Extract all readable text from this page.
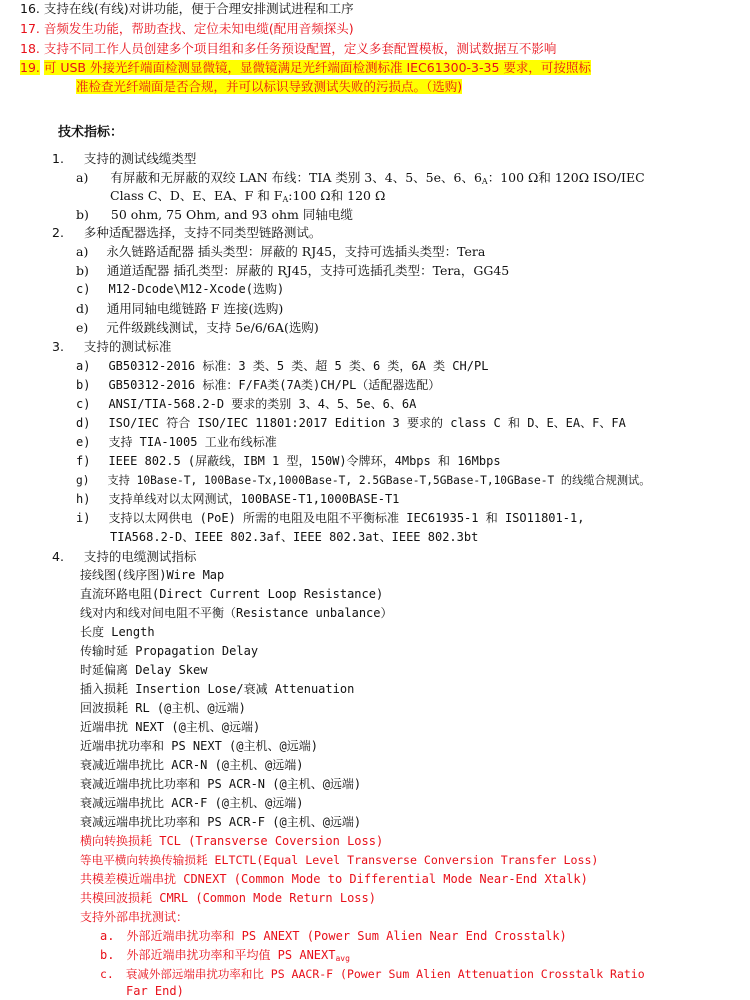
16. 支持在线(有线)对讲功能，便于合理安排测试进程和工序
17. 音频发生功能，帮助查找、定位未知电缆(配用音频探头)
18. 支持不同工作人员创建多个项目组和多任务预设配置，定义多套配置模板，测试数据互不影响
19. 可 USB 外接光纤端面检测显微镜，显微镜满足光纤端面检测标准 IEC61300-3-35 要求，可按照标
准检查光纤端面是否合规，并可以标识导致测试失败的污损点。（选购)
技术指标：
1. 支持的测试线缆类型
a) 有屏蔽和无屏蔽的双绞 LAN 布线：TIA 类别 3、4、5、5e、6、$6_A$：100 Ω和 120Ω ISO/IEC
Class C、D、E、EA、F 和 $F_A:100$ Ω和 120 Ω
b) 50 ohm, 75 Ohm, and 93 ohm 同轴电缆
2. 多种适配器选择，支持不同类型链路测试。
a) 永久链路适配器 插头类型：屏蔽的 RJ45，支持可选插头类型：Tera
b) 通道适配器 插孔类型：屏蔽的 RJ45，支持可选插孔类型：Tera，GG45
c) M12-Dcode\M12-Xcode(选购)
d) 通用同轴电缆链路 F 连接(选购)
e) 元件级跳线测试，支持 5e/6/6A(选购)
3. 支持的测试标准
a) GB50312-2016 标准：3 类、5 类、超 5 类、6 类，6A 类 CH/PL
b) GB50312-2016 标准：F/FA类(7A类)CH/PL（适配器选配）
c) ANSI/TIA-568.2-D 要求的类别 3、4、5、5e、6、6A
d) ISO/IEC 符合 ISO/IEC 11801:2017 Edition 3 要求的 class C 和 D、E、EA、F、FA
e) 支持 TIA-1005 工业布线标准
f) IEEE 802.5 (屏蔽线，IBM 1 型，150W)令牌环，4Mbps 和 16Mbps
g) 支持 10Base-T, 100Base-Tx,1000Base-T, 2.5GBase-T,5GBase-T,10GBase-T 的线缆合规测试。
h) 支持单线对以太网测试，100BASE-T1,1000BASE-T1
i) 支持以太网供电 (PoE) 所需的电阻及电阻不平衡标准 IEC61935-1 和 ISO11801-1,
TIA568.2-D、IEEE 802.3af、IEEE 802.3at、IEEE 802.3bt
4. 支持的电缆测试指标
接线图(线序图)Wire Map
直流环路电阻(Direct Current Loop Resistance)
线对内和线对间电阻不平衡（Resistance unbalance）
长度 Length
传输时延 Propagation Delay
时延偏离 Delay Skew
插入损耗 Insertion Lose/衰减 Attenuation
回波损耗 RL (@主机、@远端)
近端串扰 NEXT (@主机、@远端)
近端串扰功率和 PS NEXT (@主机、@远端)
衰减近端串扰比 ACR-N (@主机、@远端)
衰减近端串扰比功率和 PS ACR-N (@主机、@远端)
衰减远端串扰比 ACR-F (@主机、@远端)
衰减远端串扰比功率和 PS ACR-F (@主机、@远端)
横向转换损耗 TCL (Transverse Coversion Loss)
等电平横向转换传输损耗 ELTCTL(Equal Level Transverse Conversion Transfer Loss)
共模差模近端串扰 CDNEXT (Common Mode to Differential Mode Near-End Xtalk)
共模回波损耗 CMRL (Common Mode Return Loss)
支持外部串扰测试：
a. 外部近端串扰功率和 PS ANEXT (Power Sum Alien Near End Crosstalk)
b. 外部近端串扰功率和平均值 PS $ANEXT_{avg}$
c. 衰减外部远端串扰功率和比 PS AACR-F (Power Sum Alien Attenuation Crosstalk Ratio
Far End)
